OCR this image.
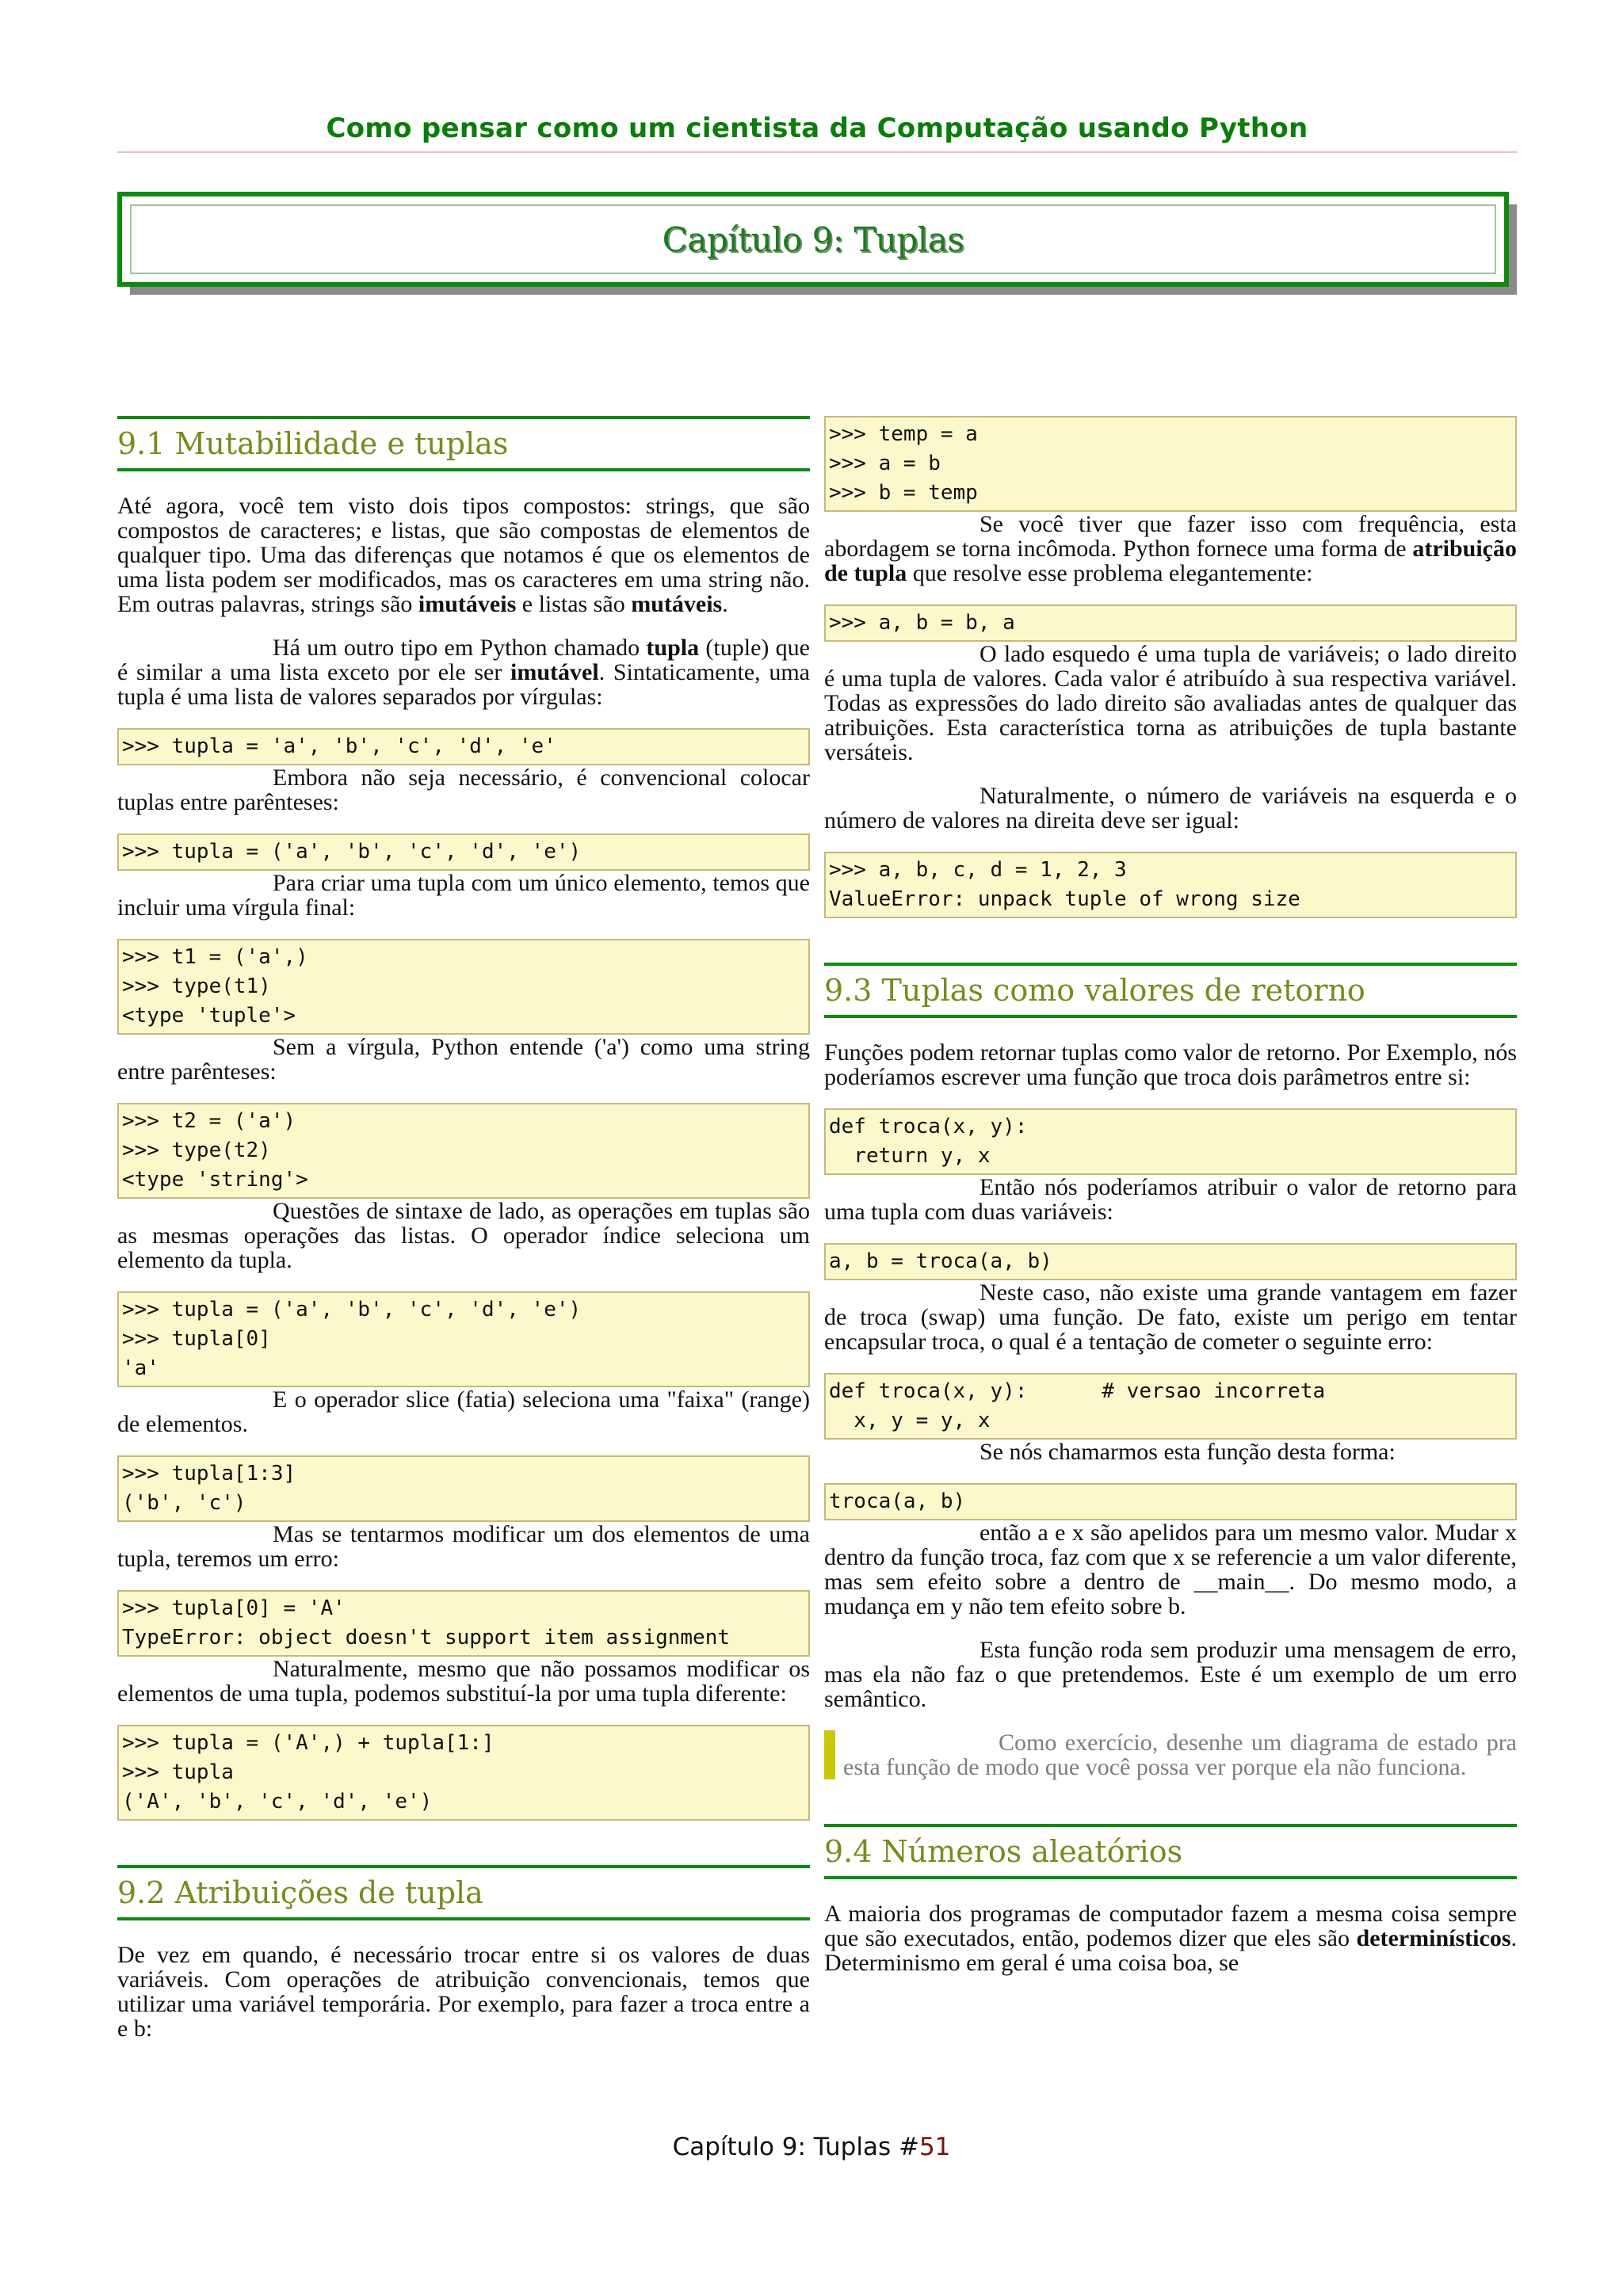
Como pensar como um cientista da Computação usando Python
Capítulo 9: Tuplas
9.1 Mutabilidade e tuplas

Até agora, você tem visto dois tipos compostos: strings, que são compostos de caracteres; e listas, que são compostas de elementos de qualquer tipo. Uma das diferenças que notamos é que os elementos de uma lista podem ser modificados, mas os caracteres em uma string não. Em outras palavras, strings são imutáveis e listas são mutáveis.

Há um outro tipo em Python chamado tupla (tuple) que é similar a uma lista exceto por ele ser imutável. Sintaticamente, uma tupla é uma lista de valores separados por vírgulas:

>>> tupla = 'a', 'b', 'c', 'd', 'e'

Embora não seja necessário, é convencional colocar tuplas entre parênteses:

>>> tupla = ('a', 'b', 'c', 'd', 'e')

Para criar uma tupla com um único elemento, temos que incluir uma vírgula final:

>>> t1 = ('a',)
>>> type(t1)
<type 'tuple'>

Sem a vírgula, Python entende ('a') como uma string entre parênteses:

>>> t2 = ('a')
>>> type(t2)
<type 'string'>

Questões de sintaxe de lado, as operações em tuplas são as mesmas operações das listas. O operador índice seleciona um elemento da tupla.

>>> tupla = ('a', 'b', 'c', 'd', 'e')
>>> tupla[0]
'a'

E o operador slice (fatia) seleciona uma "faixa" (range) de elementos.

>>> tupla[1:3]
('b', 'c')

Mas se tentarmos modificar um dos elementos de uma tupla, teremos um erro:

>>> tupla[0] = 'A'
TypeError: object doesn't support item assignment

Naturalmente, mesmo que não possamos modificar os elementos de uma tupla, podemos substituí-la por uma tupla diferente:

>>> tupla = ('A',) + tupla[1:]
>>> tupla
('A', 'b', 'c', 'd', 'e')
9.2 Atribuições de tupla

De vez em quando, é necessário trocar entre si os valores de duas variáveis. Com operações de atribuição convencionais, temos que utilizar uma variável temporária. Por exemplo, para fazer a troca entre a e b:

>>> temp = a
>>> a = b
>>> b = temp

Se você tiver que fazer isso com frequência, esta abordagem se torna incômoda. Python fornece uma forma de atribuição de tupla que resolve esse problema elegantemente:

>>> a, b = b, a

O lado esquedo é uma tupla de variáveis; o lado direito é uma tupla de valores. Cada valor é atribuído à sua respectiva variável. Todas as expressões do lado direito são avaliadas antes de qualquer das atribuições. Esta característica torna as atribuições de tupla bastante versáteis.

Naturalmente, o número de variáveis na esquerda e o número de valores na direita deve ser igual:

>>> a, b, c, d = 1, 2, 3
ValueError: unpack tuple of wrong size
9.3 Tuplas como valores de retorno

Funções podem retornar tuplas como valor de retorno. Por Exemplo, nós poderíamos escrever uma função que troca dois parâmetros entre si:

def troca(x, y):
return y, x

Então nós poderíamos atribuir o valor de retorno para uma tupla com duas variáveis:

a, b = troca(a, b)

Neste caso, não existe uma grande vantagem em fazer de troca (swap) uma função. De fato, existe um perigo em tentar encapsular troca, o qual é a tentação de cometer o seguinte erro:

def troca(x, y):      # versao incorreta
x, y = y, x

Se nós chamarmos esta função desta forma:

troca(a, b)

então a e x são apelidos para um mesmo valor. Mudar x dentro da função troca, faz com que x se referencie a um valor diferente, mas sem efeito sobre a dentro de __main__. Do mesmo modo, a mudança em y não tem efeito sobre b.

Esta função roda sem produzir uma mensagem de erro, mas ela não faz o que pretendemos. Este é um exemplo de um erro semântico.

Como exercício, desenhe um diagrama de estado pra esta função de modo que você possa ver porque ela não funciona.

9.4 Números aleatórios

A maioria dos programas de computador fazem a mesma coisa sempre que são executados, então, podemos dizer que eles são determinísticos. Determinismo em geral é uma coisa boa, se

Capítulo 9: Tuplas #51
